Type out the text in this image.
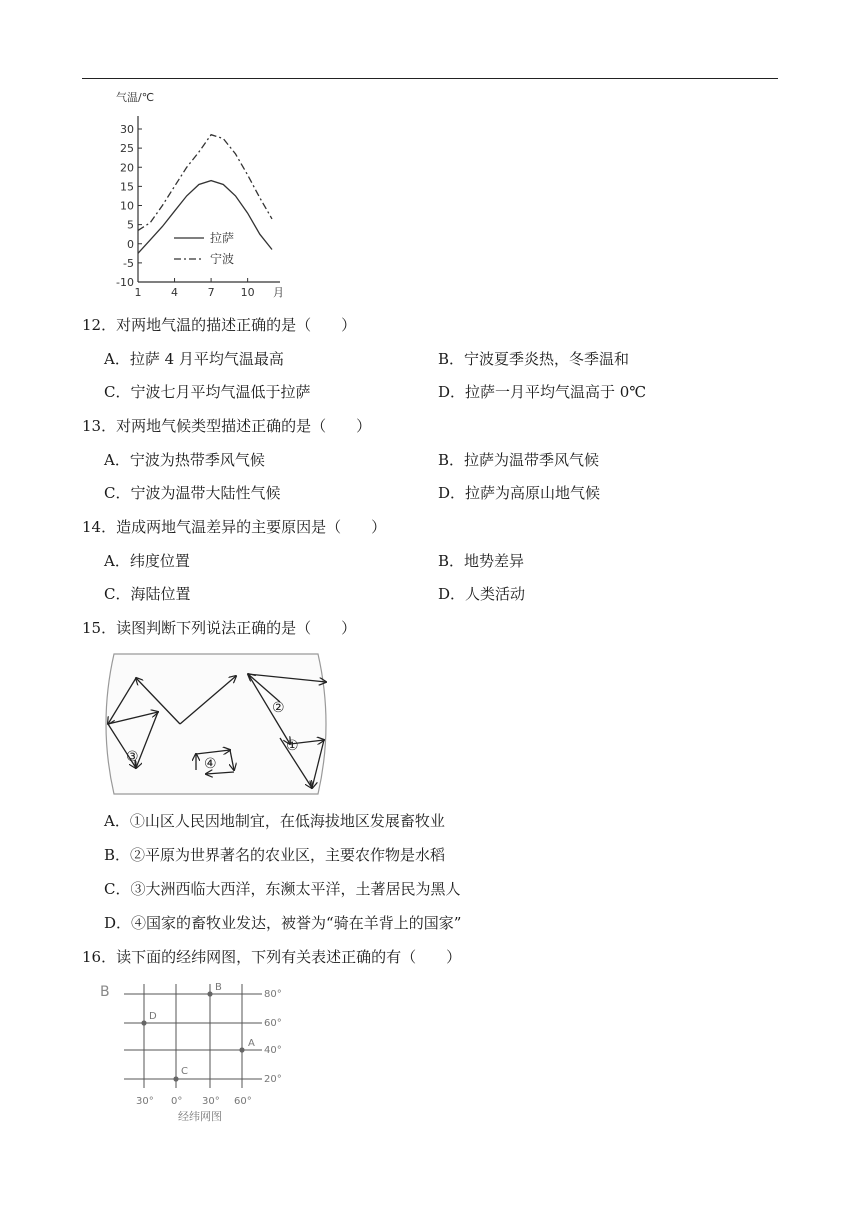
气温/℃
30
25
20
15
10
5
0
-5
-10
1	4	7 10 月
拉萨
宁波
12．对两地气温的描述正确的是（　　）
A．拉萨 4 月平均气温最高	B．宁波夏季炎热，冬季温和
C．宁波七月平均气温低于拉萨	D．拉萨一月平均气温高于 0℃
13．对两地气候类型描述正确的是（　　）
A．宁波为热带季风气候	B．拉萨为温带季风气候
C．宁波为温带大陆性气候	D．拉萨为高原山地气候
14．造成两地气温差异的主要原因是（　　）
A．纬度位置	B．地势差异
C．海陆位置	D．人类活动
15．读图判断下列说法正确的是（　　）
①
②
③	④
A．①山区人民因地制宜，在低海拔地区发展畜牧业
B．②平原为世界著名的农业区，主要农作物是水稻
C．③大洲西临大西洋，东濒太平洋，土著居民为黑人
D．④国家的畜牧业发达，被誉为“骑在羊背上的国家”
16．读下面的经纬网图，下列有关表述正确的有（　　）
B	80°
60°
40°
20°
30° 0° 30° 60°
A
B
C
D
经纬网图
